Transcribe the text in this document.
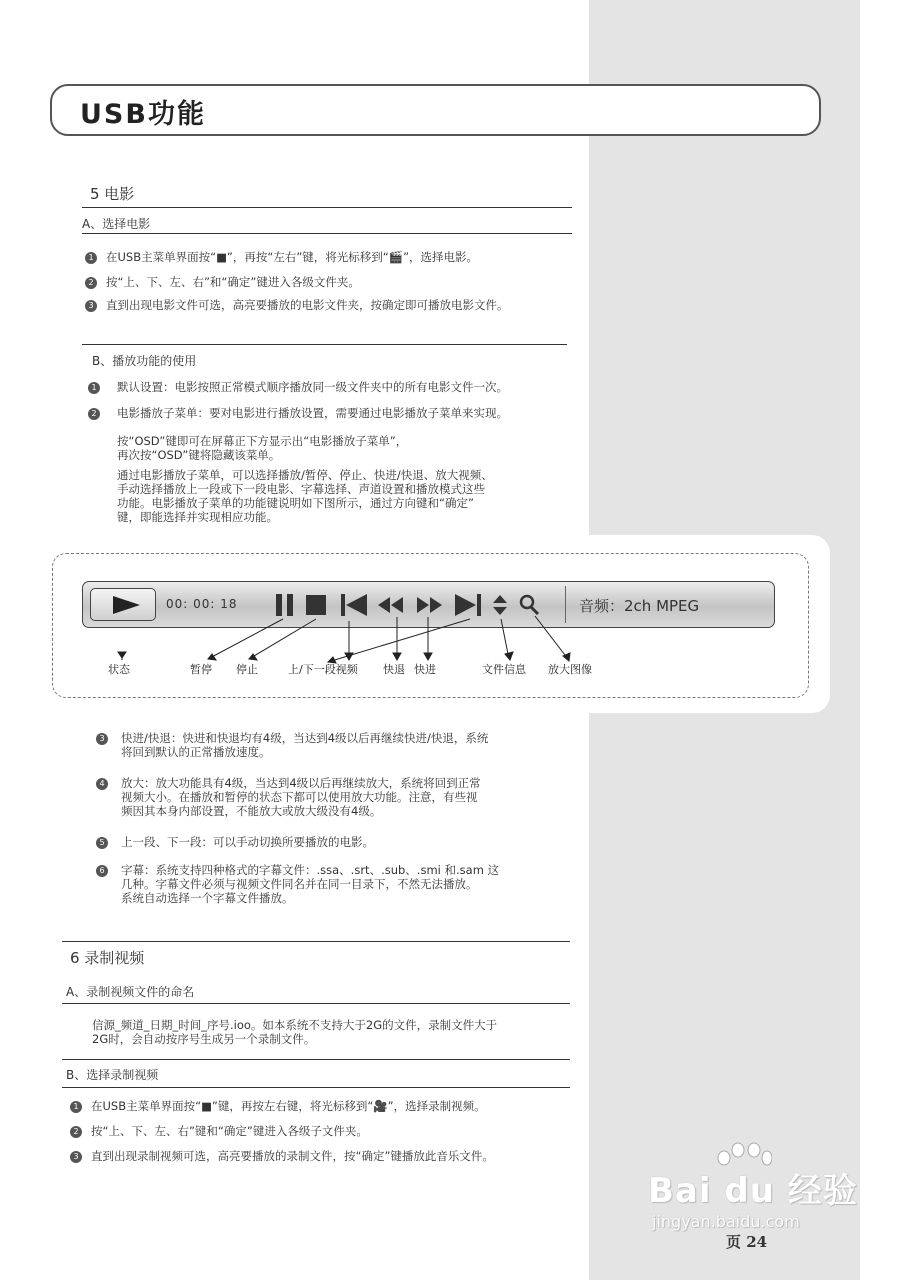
USB功能
5 电影
A、选择电影
1	在USB主菜单界面按“■”，再按“左右”键，将光标移到“🎬”，选择电影。
2	按“上、下、左、右”和“确定”键进入各级文件夹。
3	直到出现电影文件可选，高亮要播放的电影文件夹，按确定即可播放电影文件。
B、播放功能的使用
1	默认设置：电影按照正常模式顺序播放同一级文件夹中的所有电影文件一次。
2	电影播放子菜单：要对电影进行播放设置，需要通过电影播放子菜单来实现。
按“OSD”键即可在屏幕正下方显示出“电影播放子菜单”，
再次按“OSD”键将隐藏该菜单。
通过电影播放子菜单，可以选择播放/暂停、停止、快进/快退、放大视频、
手动选择播放上一段或下一段电影、字幕选择、声道设置和播放模式这些
功能。电影播放子菜单的功能键说明如下图所示，通过方向键和“确定”
键，即能选择并实现相应功能。
00: 00: 18	音频：2ch MPEG
状态	暂停 停止	上/下一段视频 快退 快进	文件信息 放大图像
3	快进/快退：快进和快退均有4级，当达到4级以后再继续快进/快退，系统
将回到默认的正常播放速度。
4	放大：放大功能具有4级，当达到4级以后再继续放大，系统将回到正常
视频大小。在播放和暂停的状态下都可以使用放大功能。注意，有些视
频因其本身内部设置，不能放大或放大级没有4级。
5	上一段、下一段：可以手动切换所要播放的电影。
6	字幕：系统支持四种格式的字幕文件：.ssa、.srt、.sub、.smi 和.sam 这
几种。字幕文件必须与视频文件同名并在同一目录下，不然无法播放。
系统自动选择一个字幕文件播放。
6 录制视频
A、录制视频文件的命名
信源_频道_日期_时间_序号.ioo。如本系统不支持大于2G的文件，录制文件大于
2G时，会自动按序号生成另一个录制文件。
B、选择录制视频
1	在USB主菜单界面按“■”键，再按左右键，将光标移到“🎥”，选择录制视频。
2	按“上、下、左、右”键和“确定”键进入各级子文件夹。
3	直到出现录制视频可选，高亮要播放的录制文件，按“确定”键播放此音乐文件。
Bai du 经验
jingyan.baidu.com
页 24
